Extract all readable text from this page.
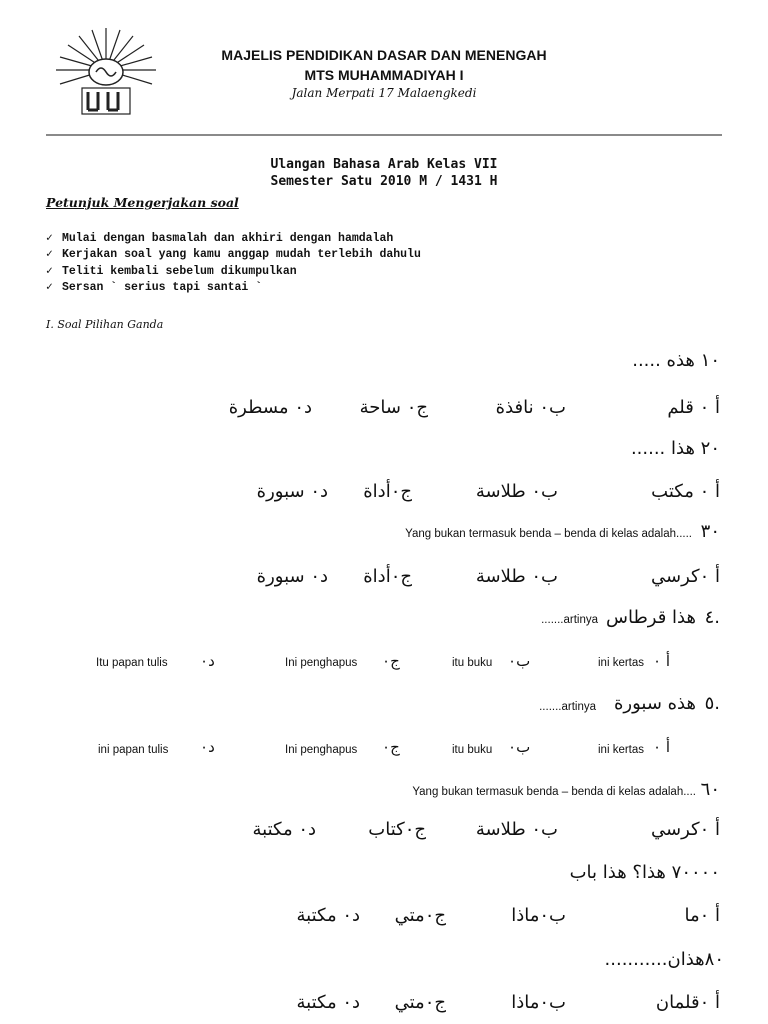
MAJELIS PENDIDIKAN DASAR DAN MENENGAH
MTS MUHAMMADIYAH I
Jalan Merpati 17 Malaengkedi
Ulangan Bahasa Arab Kelas VII
Semester Satu 2010 M / 1431 H
Petunjuk Mengerjakan soal
✓ Mulai dengan basmalah dan akhiri dengan hamdalah
✓ Kerjakan soal yang kamu anggap mudah terlebih dahulu
✓ Teliti kembali sebelum dikumpulkan
✓ Sersan ` serius tapi santai `
I. Soal Pilihan Ganda
١٠ هذه .....
أ ٠ قلم
ب٠ نافذة
ج٠ ساحة
د٠ مسطرة
٢٠ هذا ......
أ ٠ مكتب
ب٠ طلاسة
ج٠أداة
د٠ سبورة
٣٠
Yang bukan termasuk benda – benda di kelas adalah.....
أ ٠كرسي
ب٠ طلاسة
ج٠أداة
د٠ سبورة
٤.
هذا قرطاس
.......artinya
أ ٠
ini kertas
ب٠
itu buku
ج٠
Ini penghapus
د٠
Itu papan tulis
٥.
هذه سبورة
.......artinya
أ ٠
ini kertas
ب٠
itu buku
ج٠
Ini penghapus
د٠
ini papan tulis
٦٠
Yang bukan termasuk benda – benda di kelas adalah....
أ ٠كرسي
ب٠ طلاسة
ج٠كتاب
د٠ مكتبة
٧٠٠٠٠ هذا؟ هذا باب
أ ٠ما
ب٠ماذا
ج٠متي
د٠ مكتبة
٨٠هذان...........
أ ٠قلمان
ب٠ماذا
ج٠متي
د٠ مكتبة
